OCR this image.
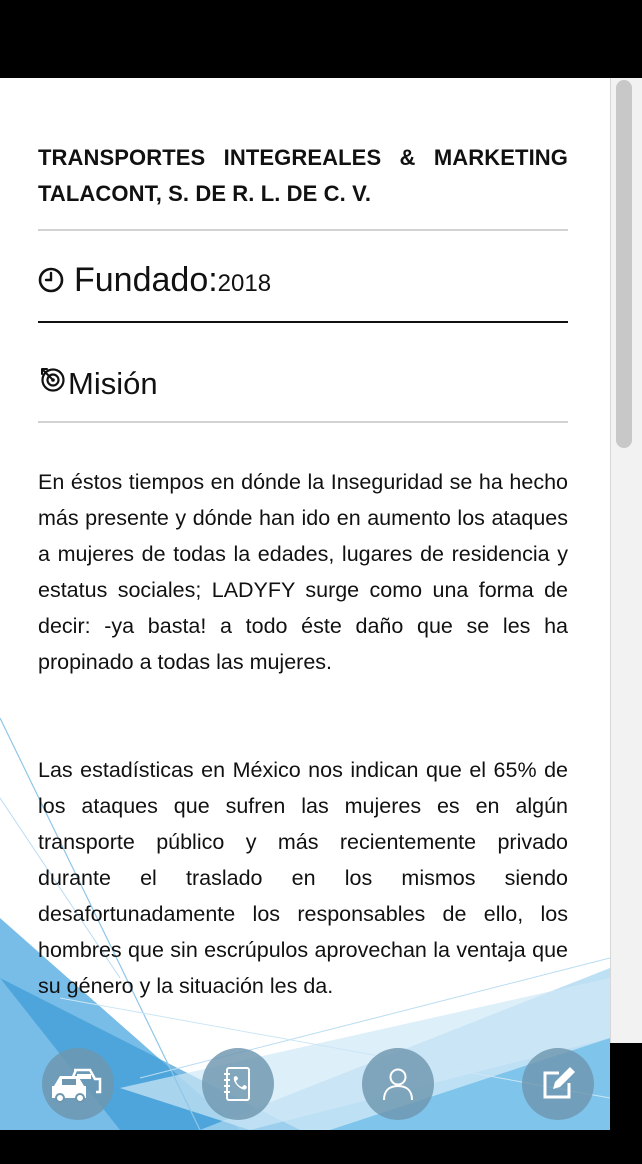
TRANSPORTES INTEGREALES & MARKETING TALACONT, S. DE R. L. DE C. V.
Fundado: 2018
Misión

En éstos tiempos en dónde la Inseguridad se ha hecho más presente y dónde han ido en aumento los ataques a mujeres de todas la edades, lugares de residencia y estatus sociales; LADYFY surge como una forma de decir: -ya basta! a todo éste daño que se les ha propinado a todas las mujeres.

Las estadísticas en México nos indican que el 65% de los ataques que sufren las mujeres es en algún transporte público y más recientemente privado durante el traslado en los mismos siendo desafortunadamente los responsables de ello, los hombres que sin escrúpulos aprovechan la ventaja que su género y la situación les da.
